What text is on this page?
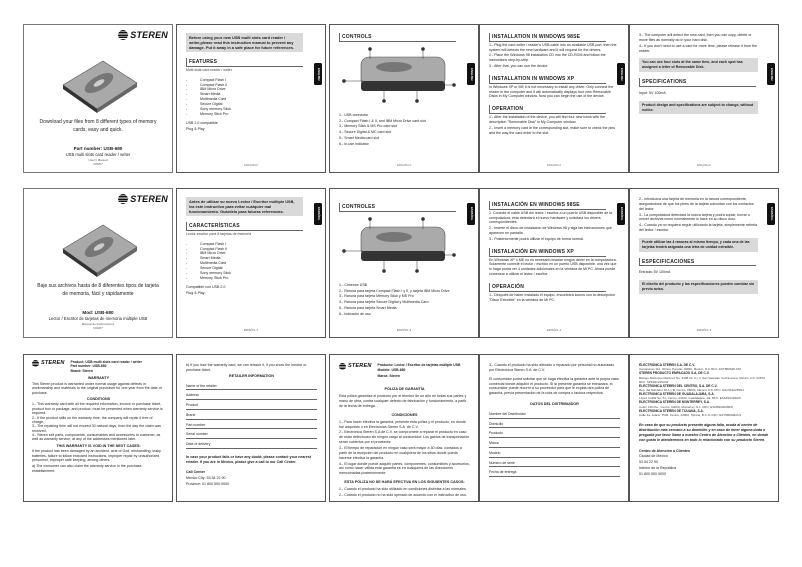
STEREN
Download your files from 8 different types of memory cards, easy and quick.
Part number: USB-680
USB multi slots card reader / writer
User's Manual
V03/07
Before using your new USB multi slots card reader / writer,please read this instruction manual to prevent any damage. Put it away in a safe place for future references.
ENGLISH
FEATURES
Multi slots card reader / writer
- Compact Flash I
- Compact Flash II
- IBM Micro Drive
- Smart Media
- Multimedia Card
- Secure Digital
- Sony memory Stick
- Memory Stick Pro

USB 2.0 compatible

Plug & Play

ENGLISH-2
CONTROLS
ENGLISH

1.- USB connector

2.- Compact Flash I & II, and IBM Micro Drive card slot

3.- Memory Stick & MS Pro card slot

4.- Secure Digital & MC card slot

5.- Smart Media card slot

6.- In-use indicator

ENGLISH-3
ENGLISH
INSTALLATION IN WINDOWS 98SE

1.- Plug the card writer / reader's USB cable into an available USB port, then the system will detects the new hardware and it will request for the drivers.

2.- Place the Windows 98 installation CD into the CD-ROM and follow the instructions step-by-step.

3.- After that, you can use the device.

INSTALLATION IN WINDOWS XP

In Windows XP or ME it is not necessary to install any driver. Only connect the reader in the computer and it will automatically displays four new Removable Disks in My Computer window. Now you can begin the use of the device.

OPERATION

1.- After the installation of the device, you will find four new icons with the description "Removable Disk" in My Computer window.

2.- Insert a memory card in the corresponding slot, make sure to check the pins and the way the card enter to the slot.

ENGLISH-4
ENGLISH

3.- The computer will detect the new card, then you can copy, delete or move files as normally do in your hard disk.

4.- If you don't need to use a card for more time, please release it from the reader.

You can use four slots at the same time, and each spot has assigned a letter of Removable Disk.
SPECIFICATIONS

Input: 5V 100mA

Product design and specifications are subject to change, without notice.
ENGLISH-5
STEREN
Baje sus archivos hasta de 8 diferentes tipos de tarjeta de memoria, fácil y rápidamente
Mod: USB-680
Lector / Escritor de tarjetas de memoria múltiple USB
Manual de Instrucciones
V03/07
ESPAÑOL
Antes de utilizar su nuevo Lector / Escritor múltiple USB, lea este instructivo para evitar cualquier mal funcionamiento. Guárdelo para futuras referencias.
CARACTERÍSTICAS
Lector-escritor para 8 tarjetas de memoria
- Compact Flash I
- Compact Flash II
- IBM Micro Drive
- Smart Media
- Multimedia Card
- Secure Digital
- Sony memory Stick
- Memory Stick Pro

Compatible con USB 2.0

Plug & Play

ESPAÑOL-2
ESPAÑOL
CONTROLES

1.- Conector USB

2.- Ranura para tarjeta Compact Flash I y II, y tarjeta IBM Micro Drive

3.- Ranura para tarjeta Memory Stick y MS Pro

4.- Ranura para tarjeta Secure Digital y Multimedia Card

5.- Ranura para tarjeta Smart Media

6.- Indicador de uso

ESPAÑOL-3
ESPAÑOL
INSTALACIÓN EN WINDOWS 98SE

1. Conecte el cable USB del lector / escritor a un puerto USB disponible de la computadora, ésta detectará el nuevo hardware y solicitará los drivers correspondientes.

2.- Inserte el disco de instalación de Windows 98 y siga las instrucciones que aparecen en pantalla.

3.- Posteriormente podrá utilizar el equipo de forma normal.

INSTALACIÓN EN WINDOWS XP

En Windows XP o ME no es necesario instalar ningún driver en la computadora. Solamente conecte el lector / escritor en un puerto USB disponible, una vez que lo haga podrá ver 4 unidades adicionales en la ventana de Mi PC. Ahora puede comenzar a utilizar el lector / escritor.

OPERACIÓN

1.- Después de haber instalado el equipo, encontrará iconos con la descripción "Disco Extraíble" en la ventana de Mi PC.

ESPAÑOL-4
ESPAÑOL

2.- Introduzca una tarjeta de memoria en la ranura correspondiente, asegurándose de que los pines de la tarjeta coincidan con los contactos del lector.

3.- La computadora detectará la nueva tarjeta y podrá copiar, borrar o mover archivos como normalmente lo hace en su disco duro.

4.- Cuando ya no requiera seguir utilizando la tarjeta, simplemente retírela del lector / escritor.

Puede utilizar las 4 ranuras al mismo tiempo, y cada una de las tarjetas tendrá asignada una letra de unidad extraíble.
ESPECIFICACIONES

Entrada: 5V 100mA

El diseño del producto y las especificaciones pueden cambiar sin previo aviso.
ESPAÑOL-5
STEREN Product: USB multi slots card reader / writer

Part number: USB-680

Brand: Steren

WARRANTY

This Steren product is warranted under normal usage against defects in workmanship and materials to the original purchaser for one year from the date of purchase.

CONDITIONS

1.- This warranty card with all the required information, invoice or purchase ticket, product box or package, and product, must be presented when warranty service is required.

2.- If the product stills on the warranty time, the company will repair it free of charge.

3.- The repairing time will not exceed 30 natural days, from the day the claim was received.

4.- Steren sell parts, components, consumables and accessories to customer, as well as warranty service, at any of the addresses mentioned later.

THIS WARRANTY IS VOID IN THE NEXT CASES:

If the product has been damaged by an accident, acts of God, mishandling, leaky batteries, failure to follow enclosed instructions, improper repair by unauthorized personnel, improper safe keeping, among others.

a) The consumer can also claim the warranty service in the purchase establishment.

b) If you lose the warranty card, we can reissue it, if you show the invoice or purchase ticket.

RETAILER INFORMATION
Name of the retailer
Address
Product
Brand
Part number
Serial number
Date of delivery

In case your product fails or have any doubt, please contact your nearest retailer. If you are in Mexico, please give a call to our Call Center.

Call Center

Mexico City: 53 54 22 90

Province: 01 800 500 9000

STEREN Producto: Lector / Escritor de tarjetas múltiple USB

Modelo: USB-680

Marca: Steren

PÓLIZA DE GARANTÍA

Esta póliza garantiza el producto por el término de un año en todas sus partes y mano de obra, contra cualquier defecto de fabricación y funcionamiento, a partir de la fecha de entrega.

CONDICIONES

1.- Para hacer efectiva la garantía, presente ésta póliza y el producto, en donde fue adquirido o en Electrónica Steren S.A. de C.V.

2.- Electrónica Steren S.A de C.V. se compromete a reparar el producto en caso de estar defectuoso sin ningún cargo al consumidor. Los gastos de transportación serán cubiertos por el proveedor.

3.- El tiempo de reparación en ningún caso será mayor a 30 días, contados a partir de la recepción del producto en cualquiera de los sitios donde pueda hacerse efectiva la garantía.

4.- El lugar donde puede adquirir partes, componentes, consumibles y accesorios, así como hacer válida esta garantía es en cualquiera de las direcciones mencionadas posteriormente.

ESTA PÓLIZA NO SE HARÁ EFECTIVA EN LOS SIGUIENTES CASOS:

1.- Cuando el producto ha sido utilizado en condiciones distintas a las normales.

2.- Cuando el producto no ha sido operado de acuerdo con el instructivo de uso.

3.- Cuando el producto ha sido alterado o reparado por personal no autorizado por Electrónica Steren S.A. de C.V.

El consumidor podrá solicitar que se haga efectiva la garantía ante la propia casa comercial donde adquirió el producto. Si la presente garantía se extraviara, el consumidor puede recurrir a su proveedor para que le expida otra póliza de garantía, previa presentación de la nota de compra o factura respectiva.

DATOS DEL DISTRIBUIDOR
Nombre del Distribuidor
Domicilio
Producto
Marca
Modelo
Número de serie
Fecha de entrega
ELECTRONICA STEREN S.A. DE C.V.
Camarones 112, Obrero Popular, 02840, México, D.F. RFC: EST850628-K51
STEREN PRODUCTO EMPACADO S.A. DE C.V.
Biólogo Maximino Martínez No. 3408 Int. 3 y 4, San Salvador Xochimanca, México, D.F. 02870, RFC: SPE941215H43
ELECTRONICA STEREN DEL CENTRO, S.A. DE C.V.
Rep. del Salvador 20 A y B, Centro, 06000, México, D.F. RFC: ESC9610259N4
ELECTRONICA STEREN DE GUADALAJARA, S.A.
López Cotilla No. 51, Centro, 44100, Guadalajara, Jal. RFC: ESG810429HI6
ELECTRONICA STEREN DE MONTERREY, S.A.
Colón 130 Pte., Centro, 64000, Monterrey, N.L. RFC: ESM830202MF8
ELECTRONICA STEREN DE TIJUANA, S.A.
Calle 2a, Juárez 7636, Centro, 22000, Tijuana, B.C.N. RFC: EST980909AU3

En caso de que su producto presente alguna falla, acuda al centro de distribución más cercano a su domicilio y en caso de tener alguna duda o pregunta por favor llame a nuestro Centro de Atención a Clientes, en donde con gusto le atenderemos en todo lo relacionado con su producto Steren.

Centro de Atención a Clientes

Ciudad de México

53 54 22 90

Interior de la República

01 800 500 9000
